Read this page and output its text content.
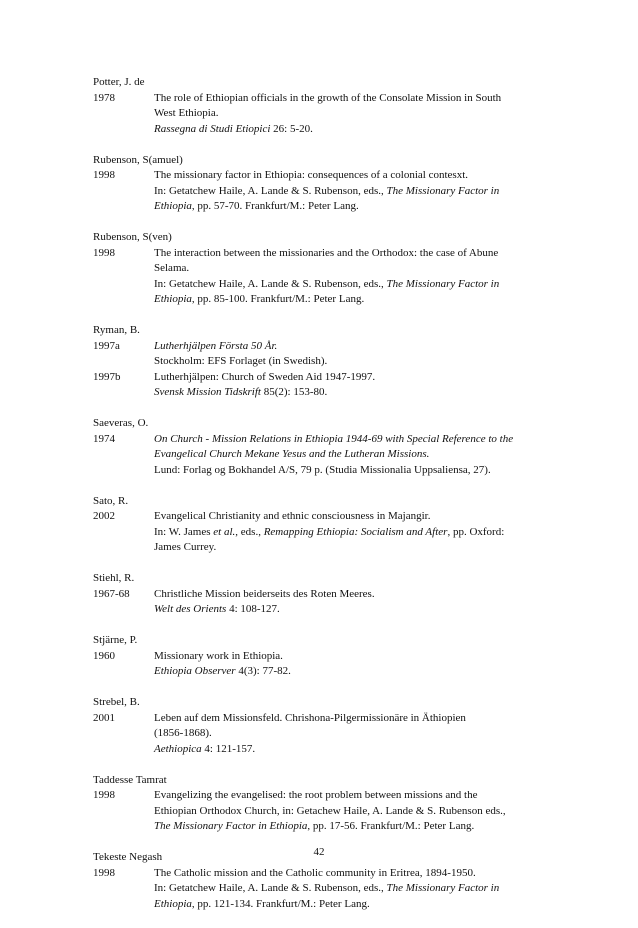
Potter, J. de
1978	The role of Ethiopian officials in the growth of the Consolate Mission in South
West Ethiopia.
Rassegna di Studi Etiopici 26: 5-20.
Rubenson, S(amuel)
1998	The missionary factor in Ethiopia: consequences of a colonial contesxt.
In: Getatchew Haile, A. Lande & S. Rubenson, eds., The Missionary Factor in
Ethiopia, pp. 57-70. Frankfurt/M.: Peter Lang.
Rubenson, S(ven)
1998	The interaction between the missionaries and the Orthodox: the case of Abune
Selama.
In: Getatchew Haile, A. Lande & S. Rubenson, eds., The Missionary Factor in
Ethiopia, pp. 85-100. Frankfurt/M.: Peter Lang.
Ryman, B.
1997a	Lutherhjälpen Första 50 År.
Stockholm: EFS Forlaget (in Swedish).
1997b	Lutherhjälpen: Church of Sweden Aid 1947-1997.
Svensk Mission Tidskrift 85(2): 153-80.
Saeveras, O.
1974	On Church - Mission Relations in Ethiopia 1944-69 with Special Reference to the
Evangelical Church Mekane Yesus and the Lutheran Missions.
Lund: Forlag og Bokhandel A/S, 79 p. (Studia Missionalia Uppsaliensa, 27).
Sato, R.
2002	Evangelical Christianity and ethnic consciousness in Majangir.
In: W. James et al., eds., Remapping Ethiopia: Socialism and After, pp. Oxford:
James Currey.
Stiehl, R.
1967-68	Christliche Mission beiderseits des Roten Meeres.
Welt des Orients 4: 108-127.
Stjärne, P.
1960	Missionary work in Ethiopia.
Ethiopia Observer 4(3): 77-82.
Strebel, B.
2001	Leben auf dem Missionsfeld. Chrishona-Pilgermissionäre in Äthiopien
(1856-1868).
Aethiopica 4: 121-157.
Taddesse Tamrat
1998	Evangelizing the evangelised: the root problem between missions and the
Ethiopian Orthodox Church, in: Getachew Haile, A. Lande & S. Rubenson eds.,
The Missionary Factor in Ethiopia, pp. 17-56. Frankfurt/M.: Peter Lang.
Tekeste Negash
1998	The Catholic mission and the Catholic community in Eritrea, 1894-1950.
In: Getatchew Haile, A. Lande & S. Rubenson, eds., The Missionary Factor in
Ethiopia, pp. 121-134. Frankfurt/M.: Peter Lang.
42
